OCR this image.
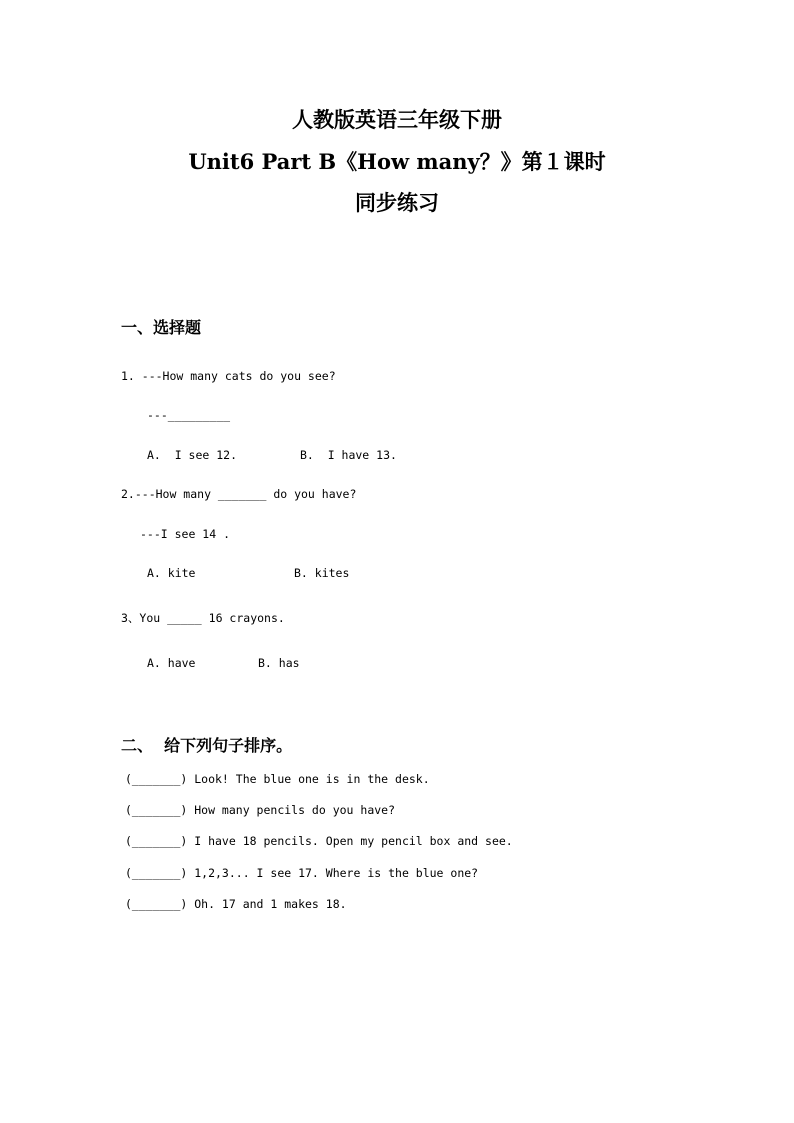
人教版英语三年级下册
Unit6 Part B《How many？》第１课时
同步练习
一、选择题
1. ---How many cats do you see?
---_________
A.  I see 12.	B.  I have 13.
2.---How many _______ do you have?
---I see 14 .
A. kite	B. kites
3、You _____ 16 crayons.
A. have	B. has
二、  给下列句子排序。
(_______) Look! The blue one is in the desk.
(_______) How many pencils do you have?
(_______) I have 18 pencils. Open my pencil box and see.
(_______) 1,2,3... I see 17. Where is the blue one?
(_______) Oh. 17 and 1 makes 18.
